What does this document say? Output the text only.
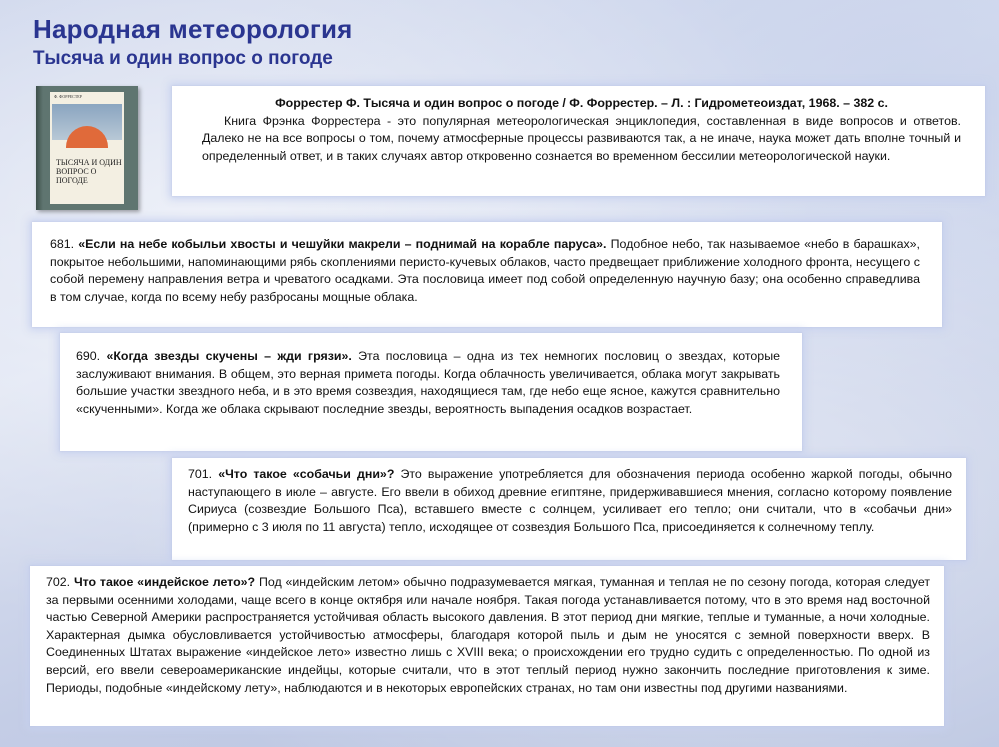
Народная метеорология
Тысяча и один вопрос о погоде
Ф. ФОРРЕСТЕР
ТЫСЯЧА И ОДИН ВОПРОС О ПОГОДЕ
Форрестер Ф. Тысяча и один вопрос о погоде / Ф. Форрестер. – Л. : Гидрометеоиздат, 1968. – 382 с.
Книга Фрэнка Форрестера - это популярная метеорологическая энциклопедия, составленная в виде вопросов и ответов. Далеко не на все вопросы о том, почему атмосферные процессы развиваются так, а не иначе, наука может дать вполне точный и определенный ответ, и в таких случаях автор откровенно сознается во временном бессилии метеорологической науки.
681. «Если на небе кобыльи хвосты и чешуйки макрели – поднимай на корабле паруса». Подобное небо, так называемое «небо в барашках», покрытое небольшими, напоминающими рябь скоплениями перисто-кучевых облаков, часто предвещает приближение холодного фронта, несущего с собой перемену направления ветра и чреватого осадками. Эта пословица имеет под собой определенную научную базу; она особенно справедлива в том случае, когда по всему небу разбросаны мощные облака.
690. «Когда звезды скучены – жди грязи». Эта пословица – одна из тех немногих пословиц о звездах, которые заслуживают внимания. В общем, это верная примета погоды. Когда облачность увеличивается, облака могут закрывать большие участки звездного неба, и в это время созвездия, находящиеся там, где небо еще ясное, кажутся сравнительно «скученными». Когда же облака скрывают последние звезды, вероятность выпадения осадков возрастает.
701. «Что такое «собачьи дни»? Это выражение употребляется для обозначения периода особенно жаркой погоды, обычно наступающего в июле – августе. Его ввели в обиход древние египтяне, придерживавшиеся мнения, согласно которому появление Сириуса (созвездие Большого Пса), вставшего вместе с солнцем, усиливает его тепло; они считали, что в «собачьи дни» (примерно с 3 июля по 11 августа) тепло, исходящее от созвездия Большого Пса, присоединяется к солнечному теплу.
702. Что такое «индейское лето»? Под «индейским летом» обычно подразумевается мягкая, туманная и теплая не по сезону погода, которая следует за первыми осенними холодами, чаще всего в конце октября или начале ноября. Такая погода устанавливается потому, что в это время над восточной частью Северной Америки распространяется устойчивая область высокого давления. В этот период дни мягкие, теплые и туманные, а ночи холодные. Характерная дымка обусловливается устойчивостью атмосферы, благодаря которой пыль и дым не уносятся с земной поверхности вверх. В Соединенных Штатах выражение «индейское лето» известно лишь с XVIII века; о происхождении его трудно судить с определенностью. По одной из версий, его ввели североамериканские индейцы, которые считали, что в этот теплый период нужно закончить последние приготовления к зиме. Периоды, подобные «индейскому лету», наблюдаются и в некоторых европейских странах, но там они известны под другими названиями.
